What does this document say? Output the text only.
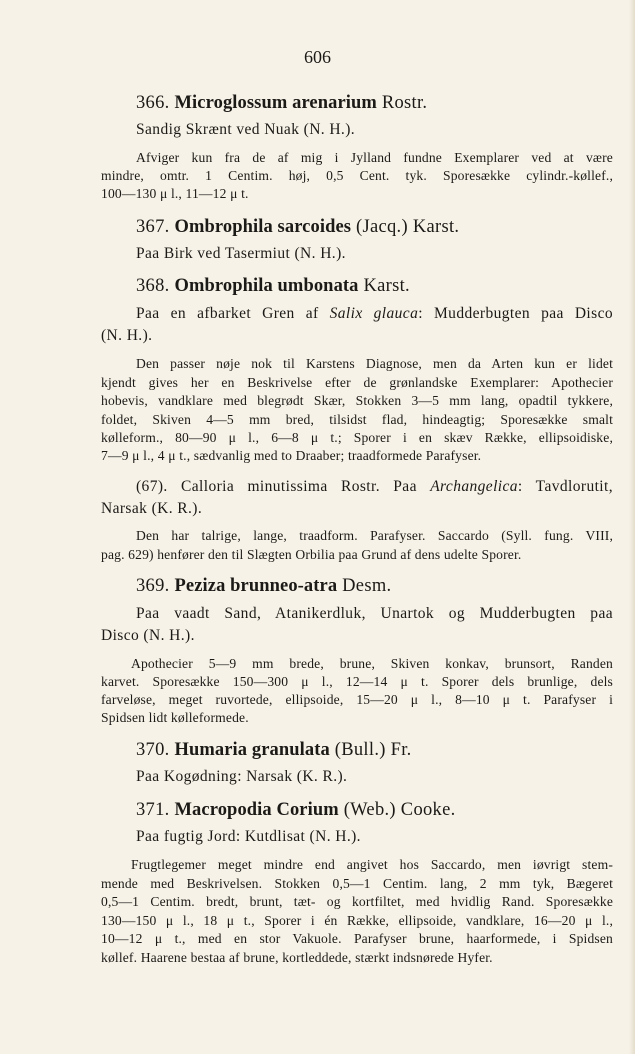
606
366. Microglossum arenarium Rostr.
Sandig Skrænt ved Nuak (N. H.).
Afviger kun fra de af mig i Jylland fundne Exemplarer ved at være
mindre, omtr. 1 Centim. høj, 0,5 Cent. tyk. Sporesække cylindr.-køllef.,
100—130 μ l., 11—12 μ t.
367. Ombrophila sarcoides (Jacq.) Karst.
Paa Birk ved Tasermiut (N. H.).
368. Ombrophila umbonata Karst.
Paa en afbarket Gren af Salix glauca: Mudderbugten paa Disco
(N. H.).
Den passer nøje nok til Karstens Diagnose, men da Arten kun er lidet
kjendt gives her en Beskrivelse efter de grønlandske Exemplarer: Apothecier
hobevis, vandklare med blegrødt Skær, Stokken 3—5 mm lang, opadtil tykkere,
foldet, Skiven 4—5 mm bred, tilsidst flad, hindeagtig; Sporesække smalt
kølleform., 80—90 μ l., 6—8 μ t.; Sporer i en skæv Række, ellipsoidiske,
7—9 μ l., 4 μ t., sædvanlig med to Draaber; traadformede Parafyser.
(67). Calloria minutissima Rostr. Paa Archangelica: Tavdlorutit,
Narsak (K. R.).
Den har talrige, lange, traadform. Parafyser. Saccardo (Syll. fung. VIII,
pag. 629) henfører den til Slægten Orbilia paa Grund af dens udelte Sporer.
369. Peziza brunneo-atra Desm.
Paa vaadt Sand, Atanikerdluk, Unartok og Mudderbugten paa
Disco (N. H.).
Apothecier 5—9 mm brede, brune, Skiven konkav, brunsort, Randen
karvet. Sporesække 150—300 μ l., 12—14 μ t. Sporer dels brunlige, dels
farveløse, meget ruvortede, ellipsoide, 15—20 μ l., 8—10 μ t. Parafyser i
Spidsen lidt kølleformede.
370. Humaria granulata (Bull.) Fr.
Paa Kogødning: Narsak (K. R.).
371. Macropodia Corium (Web.) Cooke.
Paa fugtig Jord: Kutdlisat (N. H.).
Frugtlegemer meget mindre end angivet hos Saccardo, men iøvrigt stem-
mende med Beskrivelsen. Stokken 0,5—1 Centim. lang, 2 mm tyk, Bægeret
0,5—1 Centim. bredt, brunt, tæt- og kortfiltet, med hvidlig Rand. Sporesække
130—150 μ l., 18 μ t., Sporer i én Række, ellipsoide, vandklare, 16—20 μ l.,
10—12 μ t., med en stor Vakuole. Parafyser brune, haarformede, i Spidsen
køllef. Haarene bestaa af brune, kortleddede, stærkt indsnørede Hyfer.
